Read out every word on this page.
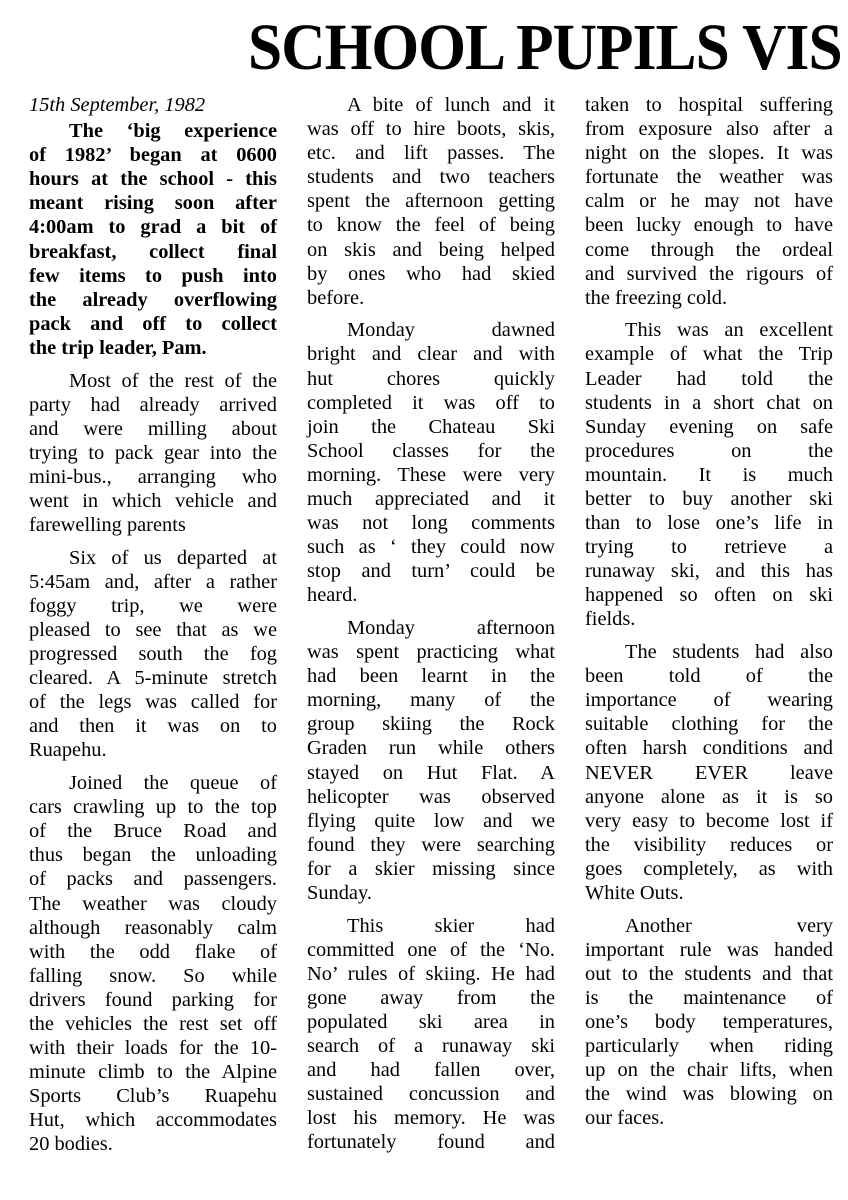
SCHOOL PUPILS VIS

15th September, 1982

The ‘big experience
of 1982’ began at 0600
hours at the school - this
meant rising soon after
4:00am to grad a bit of
breakfast, collect final
few items to push into
the already overflowing
pack and off to collect
the trip leader, Pam.

Most of the rest of the
party had already arrived
and were milling about
trying to pack gear into the
mini-bus., arranging who
went in which vehicle and
farewelling parents

Six of us departed at
5:45am and, after a rather
foggy trip, we were
pleased to see that as we
progressed south the fog
cleared. A 5-minute stretch
of the legs was called for
and then it was on to
Ruapehu.

Joined the queue of
cars crawling up to the top
of the Bruce Road and
thus began the unloading
of packs and passengers.
The weather was cloudy
although reasonably calm
with the odd flake of
falling snow. So while
drivers found parking for
the vehicles the rest set off
with their loads for the 10-
minute climb to the Alpine
Sports Club’s Ruapehu
Hut, which accommodates
20 bodies.

A bite of lunch and it
was off to hire boots, skis,
etc. and lift passes. The
students and two teachers
spent the afternoon getting
to know the feel of being
on skis and being helped
by ones who had skied
before.

Monday dawned
bright and clear and with
hut chores quickly
completed it was off to
join the Chateau Ski
School classes for the
morning. These were very
much appreciated and it
was not long comments
such as ‘ they could now
stop and turn’ could be
heard.

Monday afternoon
was spent practicing what
had been learnt in the
morning, many of the
group skiing the Rock
Graden run while others
stayed on Hut Flat. A
helicopter was observed
flying quite low and we
found they were searching
for a skier missing since
Sunday.

This skier had
committed one of the ‘No.
No’ rules of skiing. He had
gone away from the
populated ski area in
search of a runaway ski
and had fallen over,
sustained concussion and
lost his memory. He was
fortunately found and

taken to hospital suffering
from exposure also after a
night on the slopes. It was
fortunate the weather was
calm or he may not have
been lucky enough to have
come through the ordeal
and survived the rigours of
the freezing cold.

This was an excellent
example of what the Trip
Leader had told the
students in a short chat on
Sunday evening on safe
procedures on the
mountain. It is much
better to buy another ski
than to lose one’s life in
trying to retrieve a
runaway ski, and this has
happened so often on ski
fields.

The students had also
been told of the
importance of wearing
suitable clothing for the
often harsh conditions and
NEVER EVER leave
anyone alone as it is so
very easy to become lost if
the visibility reduces or
goes completely, as with
White Outs.

Another very
important rule was handed
out to the students and that
is the maintenance of
one’s body temperatures,
particularly when riding
up on the chair lifts, when
the wind was blowing on
our faces.
